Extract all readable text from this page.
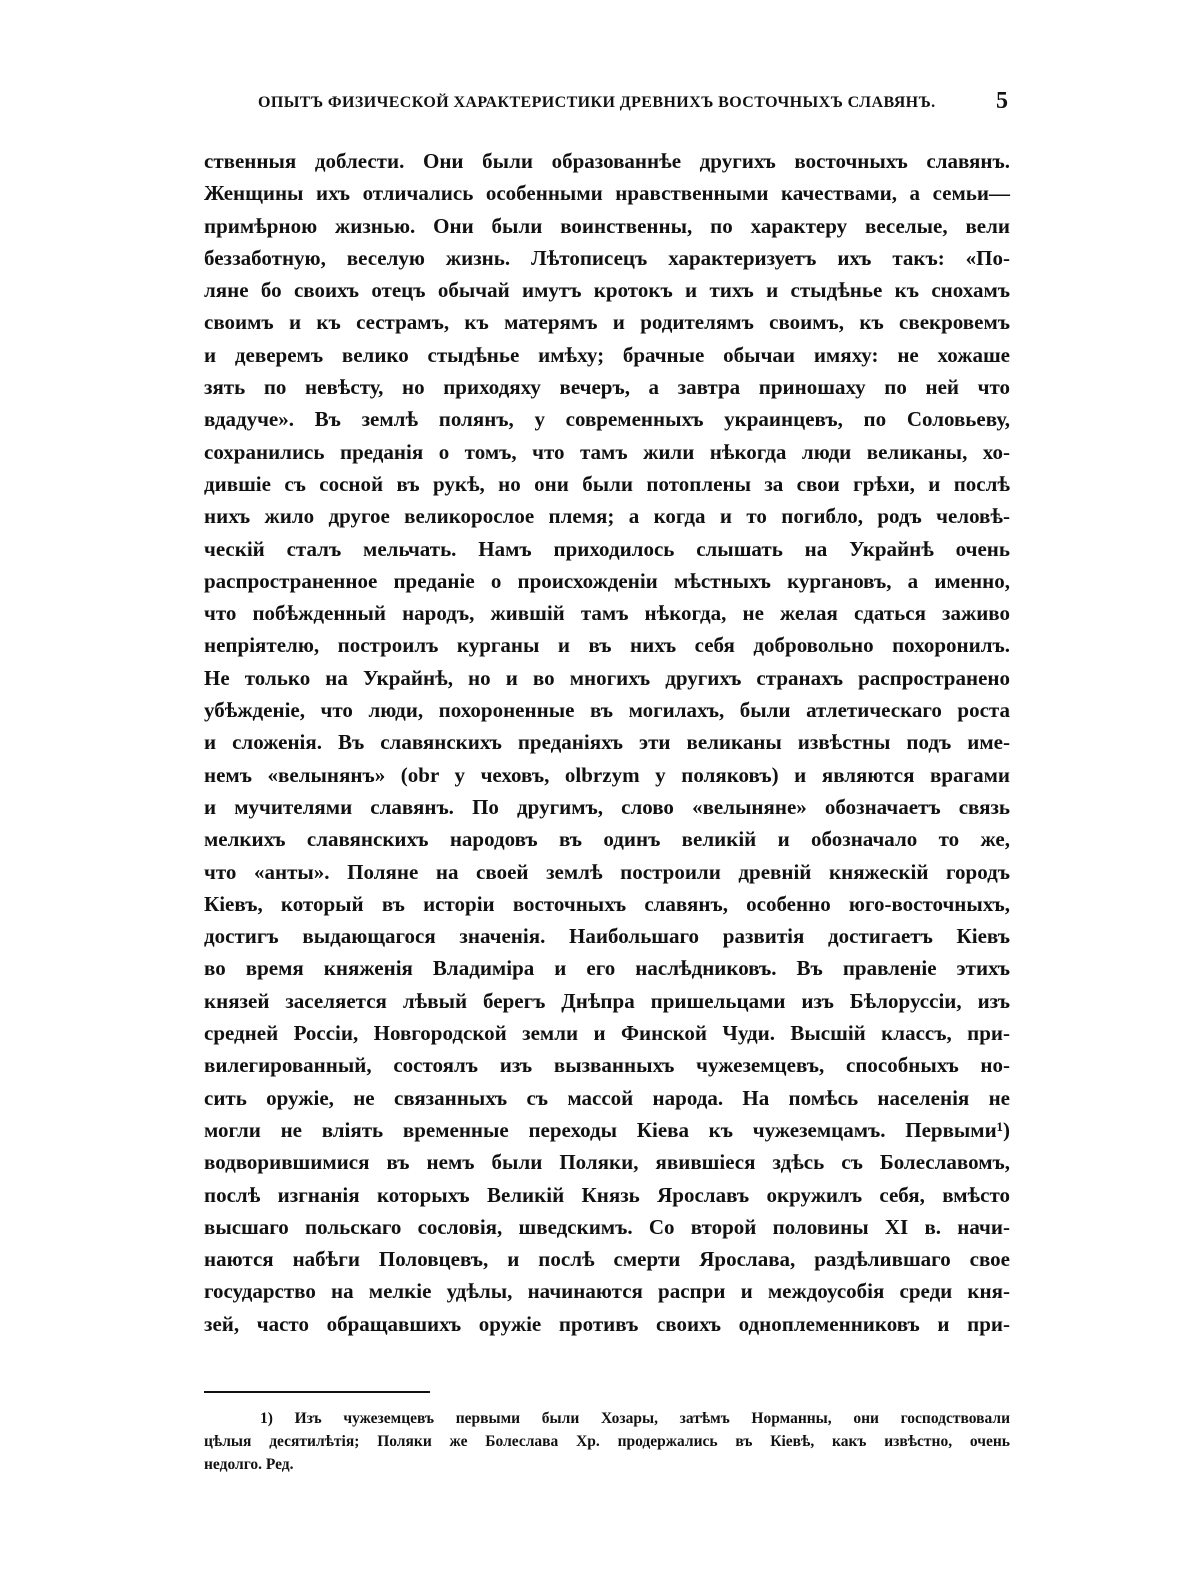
ОПЫТЪ ФИЗИЧЕСКОЙ ХАРАКТЕРИСТИКИ ДРЕВНИХЪ ВОСТОЧНЫХЪ СЛАВЯНЪ.	5
ственныя доблести. Они были образованнѣе другихъ восточныхъ славянъ.
Женщины ихъ отличались особенными нравственными качествами, а семьи—
примѣрною жизнью. Они были воинственны, по характеру веселые, вели
беззаботную, веселую жизнь. Лѣтописецъ характеризуетъ ихъ такъ: «По-
ляне бо своихъ отецъ обычай имутъ кротокъ и тихъ и стыдѣнье къ снохамъ
своимъ и къ сестрамъ, къ матерямъ и родителямъ своимъ, къ свекровемъ
и деверемъ велико стыдѣнье имѣху; брачные обычаи имяху: не хожаше
зять по невѣсту, но приходяху вечеръ, а завтра приношаху по ней что
вдадуче». Въ землѣ полянъ, у современныхъ украинцевъ, по Соловьеву,
сохранились преданія о томъ, что тамъ жили нѣкогда люди великаны, хо-
дившіе съ сосной въ рукѣ, но они были потоплены за свои грѣхи, и послѣ
нихъ жило другое великорослое племя; а когда и то погибло, родъ человѣ-
ческій сталъ мельчать. Намъ приходилось слышать на Украйнѣ очень
распространенное преданіе о происхожденіи мѣстныхъ кургановъ, а именно,
что побѣжденный народъ, жившій тамъ нѣкогда, не желая сдаться заживо
непріятелю, построилъ курганы и въ нихъ себя добровольно похоронилъ.
Не только на Украйнѣ, но и во многихъ другихъ странахъ распространено
убѣжденіе, что люди, похороненные въ могилахъ, были атлетическаго роста
и сложенія. Въ славянскихъ преданіяхъ эти великаны извѣстны подъ име-
немъ «велынянъ» (obr у чеховъ, olbrzym у поляковъ) и являются врагами
и мучителями славянъ. По другимъ, слово «велыняне» обозначаетъ связь
мелкихъ славянскихъ народовъ въ одинъ великій и обозначало то же,
что «анты». Поляне на своей землѣ построили древній княжескій городъ
Кіевъ, который въ исторіи восточныхъ славянъ, особенно юго-восточныхъ,
достигъ выдающагося значенія. Наибольшаго развитія достигаетъ Кіевъ
во время княженія Владиміра и его наслѣдниковъ. Въ правленіе этихъ
князей заселяется лѣвый берегъ Днѣпра пришельцами изъ Бѣлоруссіи, изъ
средней Россіи, Новгородской земли и Финской Чуди. Высшій классъ, при-
вилегированный, состоялъ изъ вызванныхъ чужеземцевъ, способныхъ но-
сить оружіе, не связанныхъ съ массой народа. На помѣсь населенія не
могли не вліять временные переходы Кіева къ чужеземцамъ. Первыми¹)
водворившимися въ немъ были Поляки, явившіеся здѣсь съ Болеславомъ,
послѣ изгнанія которыхъ Великій Князь Ярославъ окружилъ себя, вмѣсто
высшаго польскаго сословія, шведскимъ. Со второй половины XI в. начи-
наются набѣги Половцевъ, и послѣ смерти Ярослава, раздѣлившаго свое
государство на мелкіе удѣлы, начинаются распри и междоусобія среди кня-
зей, часто обращавшихъ оружіе противъ своихъ одноплеменниковъ и при-
1) Изъ чужеземцевъ первыми были Хозары, затѣмъ Норманны, они господствовали
цѣлыя десятилѣтія; Поляки же Болеслава Хр. продержались въ Кіевѣ, какъ извѣстно, очень
недолго. Ред.
